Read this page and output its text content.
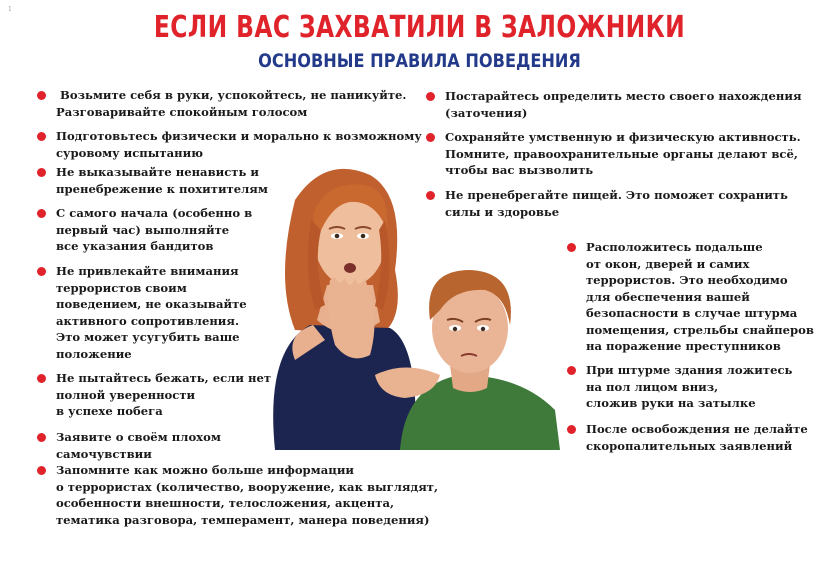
1
ЕСЛИ ВАС ЗАХВАТИЛИ В ЗАЛОЖНИКИ
ОСНОВНЫЕ ПРАВИЛА ПОВЕДЕНИЯ
Возьмите себя в руки, успокойтесь, не паникуйте.
Разговаривайте спокойным голосом
Подготовьтесь физически и морально к возможному
суровому испытанию
Не выказывайте ненависть и
пренебрежение к похитителям
С самого начала (особенно в
первый час) выполняйте
все указания бандитов
Не привлекайте внимания
террористов своим
поведением, не оказывайте
активного сопротивления.
Это может усугубить ваше
положение
Не пытайтесь бежать, если нет
полной уверенности
в успехе побега
Заявите о своём плохом
самочувствии
Запомните как можно больше информации
о террористах (количество, вооружение, как выглядят,
особенности внешности, телосложения, акцента,
тематика разговора, темперамент, манера поведения)
Постарайтесь определить место своего нахождения
(заточения)
Сохраняйте умственную и физическую активность.
Помните, правоохранительные органы делают всё,
чтобы вас вызволить
Не пренебрегайте пищей. Это поможет сохранить
силы и здоровье
Расположитесь подальше
от окон, дверей и самих
террористов. Это необходимо
для обеспечения вашей
безопасности в случае штурма
помещения, стрельбы снайперов
на поражение преступников
При штурме здания ложитесь
на пол лицом вниз,
сложив руки на затылке
После освобождения не делайте
скоропалительных заявлений
